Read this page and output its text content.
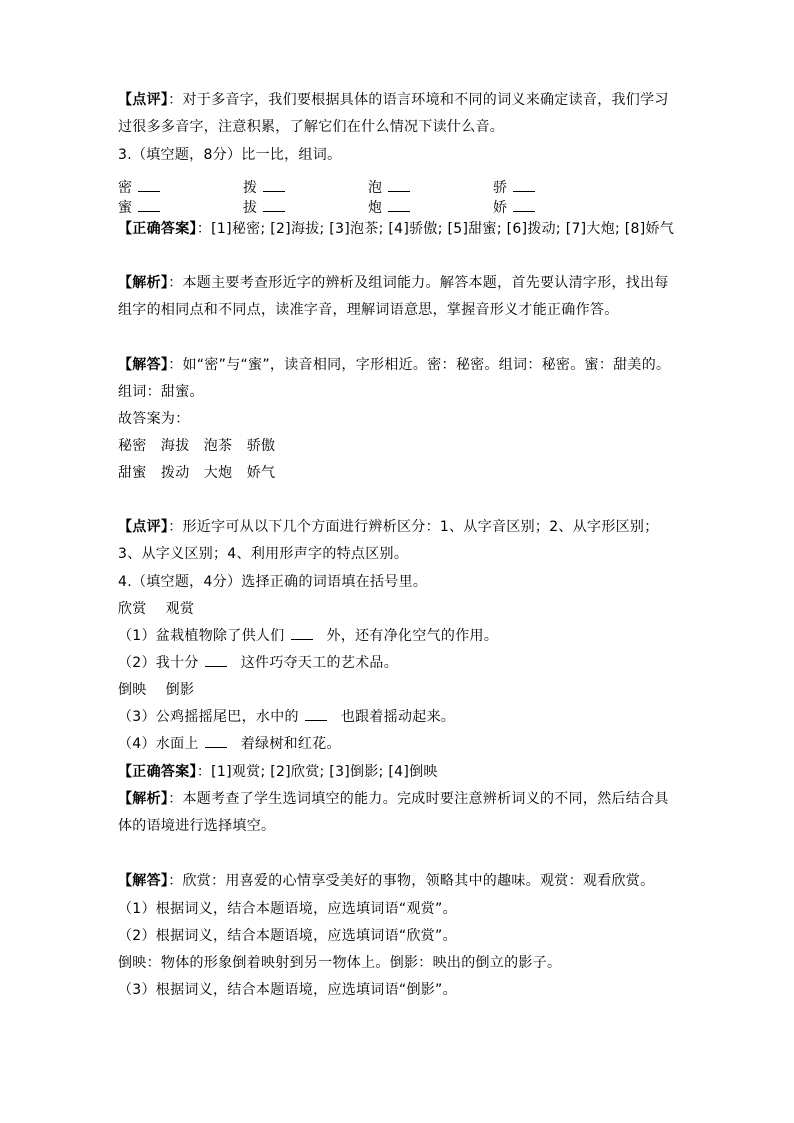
【点评】：对于多音字，我们要根据具体的语言环境和不同的词义来确定读音，我们学习过很多多音字，注意积累，了解它们在什么情况下读什么音。
3.（填空题，8分）比一比，组词。
密	拨	泡	骄
蜜	拔	炮	娇
【正确答案】：[1]秘密; [2]海拔; [3]泡茶; [4]骄傲; [5]甜蜜; [6]拨动; [7]大炮; [8]娇气
【解析】：本题主要考查形近字的辨析及组词能力。解答本题，首先要认清字形，找出每组字的相同点和不同点，读准字音，理解词语意思，掌握音形义才能正确作答。
【解答】：如“密”与“蜜”，读音相同，字形相近。密：秘密。组词：秘密。蜜：甜美的。组词：甜蜜。
故答案为：
秘密　海拔　泡茶　骄傲
甜蜜　拨动　大炮　娇气
【点评】：形近字可从以下几个方面进行辨析区分：1、从字音区别；2、从字形区别；3、从字义区别；4、利用形声字的特点区别。
4.（填空题，4分）选择正确的词语填在括号里。
欣赏　 观赏
（1）盆栽植物除了供人们	外，还有净化空气的作用。
（2）我十分	这件巧夺天工的艺术品。
倒映　 倒影
（3）公鸡摇摇尾巴，水中的	也跟着摇动起来。
（4）水面上	着绿树和红花。
【正确答案】：[1]观赏; [2]欣赏; [3]倒影; [4]倒映
【解析】：本题考查了学生选词填空的能力。完成时要注意辨析词义的不同，然后结合具体的语境进行选择填空。
【解答】：欣赏：用喜爱的心情享受美好的事物，领略其中的趣味。观赏：观看欣赏。
（1）根据词义，结合本题语境，应选填词语“观赏”。
（2）根据词义，结合本题语境，应选填词语“欣赏”。
倒映：物体的形象倒着映射到另一物体上。倒影：映出的倒立的影子。
（3）根据词义，结合本题语境，应选填词语“倒影”。
